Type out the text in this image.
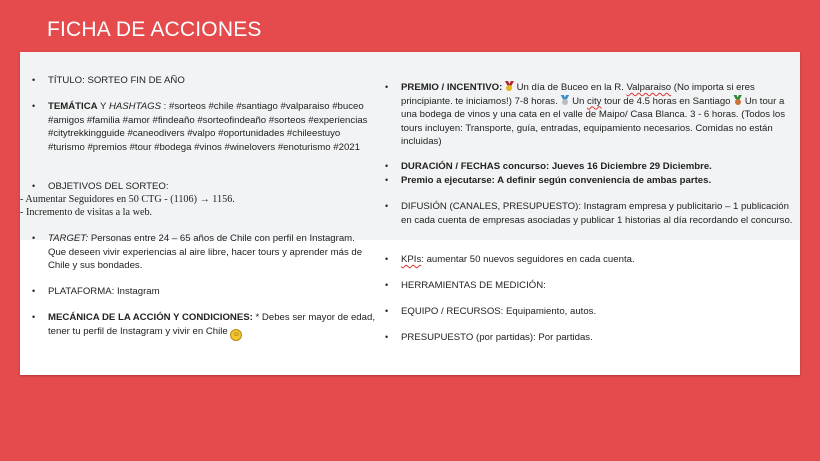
FICHA DE ACCIONES
• TÍTULO: SORTEO FIN DE AÑO
• TEMÁTICA Y HASHTAGS : #sorteos #chile #santiago #valparaiso #buceo #amigos #familia #amor #findeaño #sorteofindeaño #sorteos #experiencias #citytrekkingguide #caneodivers #valpo #oportunidades #chileestuyo #turismo #premios #tour #bodega #vinos #winelovers #enoturismo #2021
• OBJETIVOS DEL SORTEO:
- Aumentar Seguidores en 50 CTG - (1106) → 1156.
- Incremento de visitas a la web.
• TARGET: Personas entre 24 – 65 años de Chile con perfil en Instagram. Que deseen vivir experiencias al aire libre, hacer tours y aprender más de Chile y sus bondades.
• PLATAFORMA: Instagram
• MECÁNICA DE LA ACCIÓN Y CONDICIONES: * Debes ser mayor de edad, tener tu perfil de Instagram y vivir en Chile ☺
• PREMIO / INCENTIVO:
Un día de Buceo en la R. Valparaiso (No importa si eres principiante. te iniciamos!) 7-8 horas.
Un city tour de 4.5 horas en Santiago
Un tour a una bodega de vinos y una cata en el valle de Maipo/ Casa Blanca. 3 - 6 horas. (Todos los tours incluyen: Transporte, guía, entradas, equipamiento necesarios. Comidas no están incluidas)
• DURACIÓN / FECHAS concurso: Jueves 16 Diciembre 29 Diciembre.
• Premio a ejecutarse: A definir según conveniencia de ambas partes.
• DIFUSIÓN (CANALES, PRESUPUESTO): Instagram empresa y publicitario – 1 publicación en cada cuenta de empresas asociadas y publicar 1 historias al día recordando el concurso.
• KPIs: aumentar 50 nuevos seguidores en cada cuenta.
• HERRAMIENTAS DE MEDICIÓN:
• EQUIPO / RECURSOS: Equipamiento, autos.
• PRESUPUESTO (por partidas): Por partidas.
